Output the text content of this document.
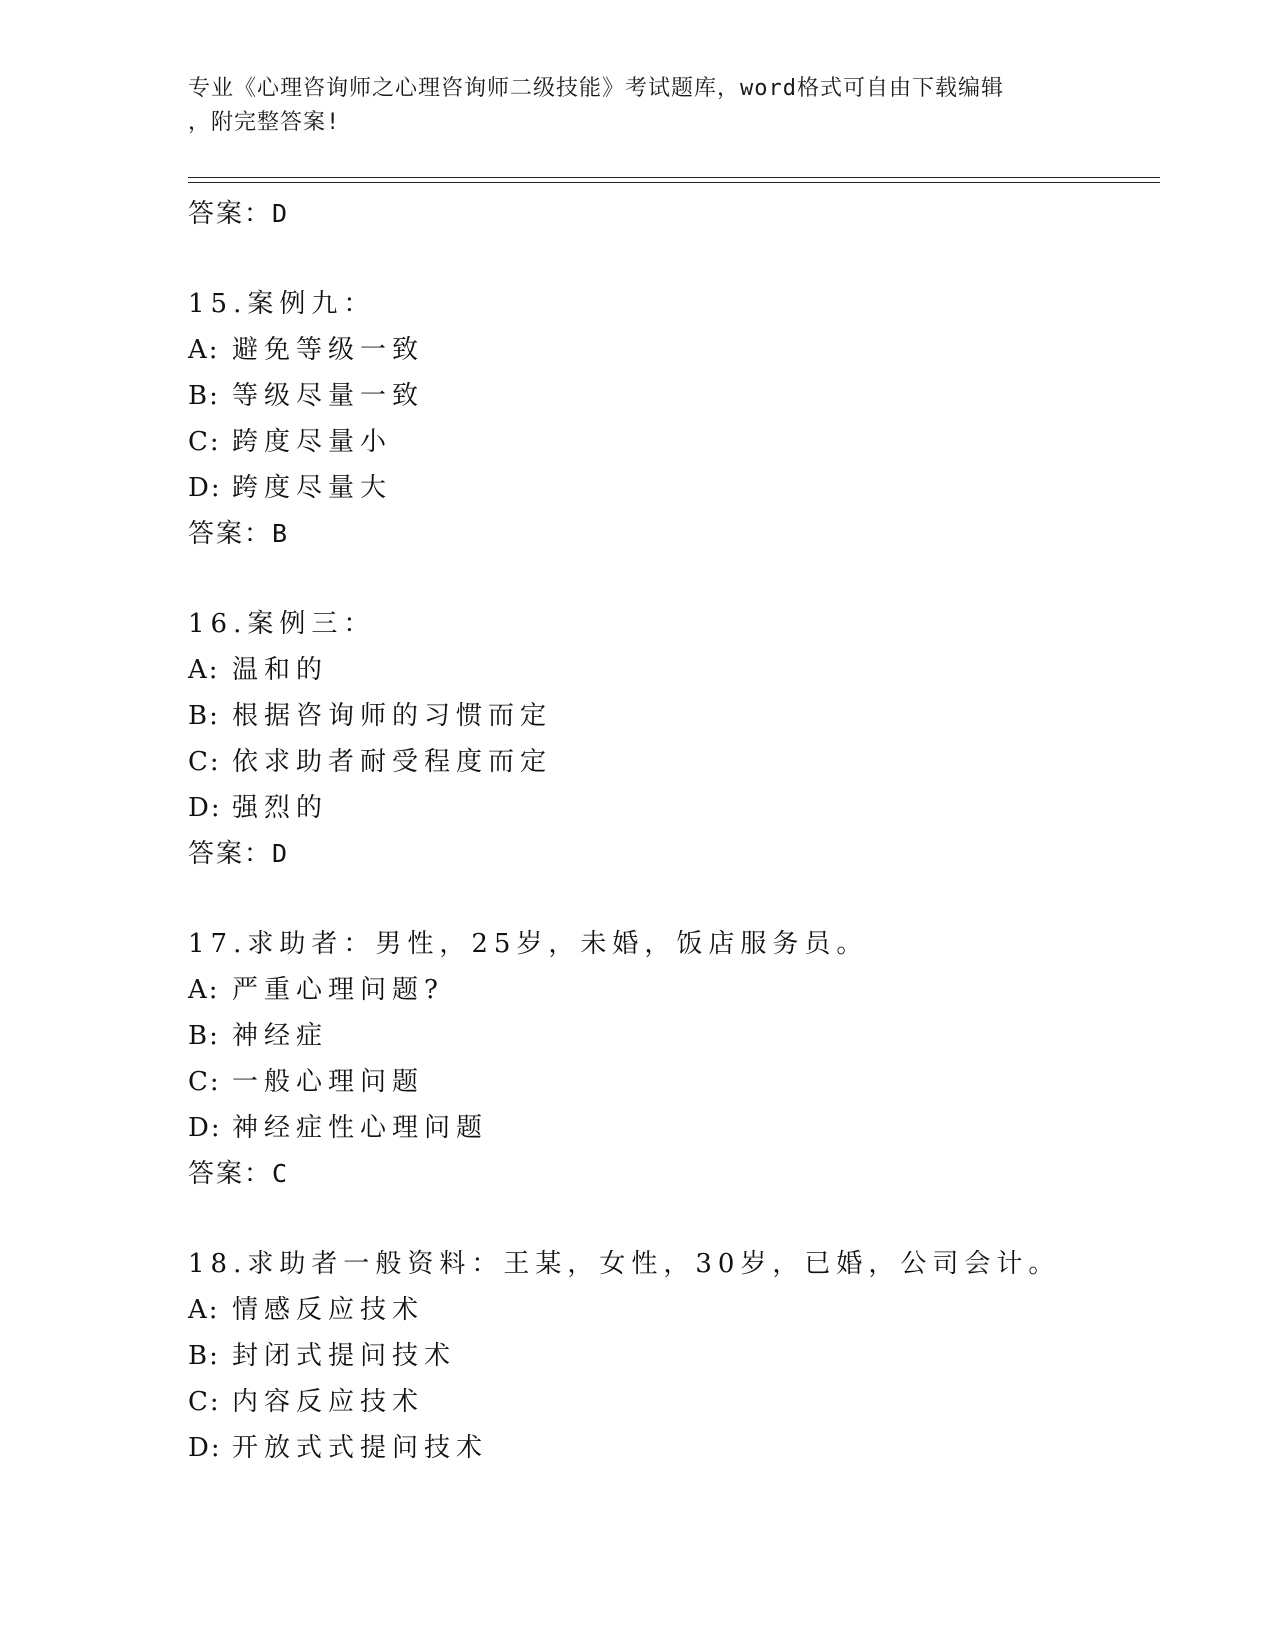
专业《心理咨询师之心理咨询师二级技能》考试题库，word格式可自由下载编辑
，附完整答案!
答案：D
15.案例九：
A: 避免等级一致
B: 等级尽量一致
C: 跨度尽量小
D: 跨度尽量大
答案：B
16.案例三：
A: 温和的
B: 根据咨询师的习惯而定
C: 依求助者耐受程度而定
D: 强烈的
答案：D
17.求助者：男性，25岁，未婚，饭店服务员。
A: 严重心理问题?
B: 神经症
C: 一般心理问题
D: 神经症性心理问题
答案：C
18.求助者一般资料：王某，女性，30岁，已婚，公司会计。
A: 情感反应技术
B: 封闭式提问技术
C: 内容反应技术
D: 开放式式提问技术
